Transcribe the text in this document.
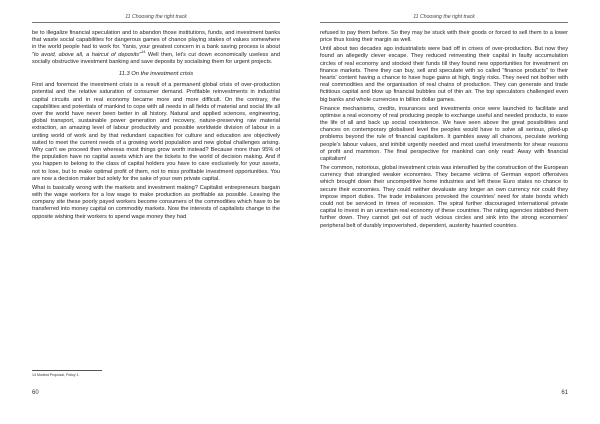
11 Choosing the right track

be to illegalize financial speculation and to abandon those institutions, funds, and investment banks that waste social capabilities for dangerous games of chance playing stakes of values somewhere in the world people had to work for. Yanis, your greatest concern in a bank saving process is about "to avoid, above all, a haircut of deposits"$^{14}$ Well then, let's cut down economically useless and socially obstructive investment banking and save deposits by socialising them for urgent projects.

11.3 On the investment crisis

First and foremost the investment crisis is a result of a permanent global crisis of over-production potential and the relative saturation of consumer demand. Profitable reinvestments in industrial capital circuits and in real economy became more and more difficult. On the contrary, the capabilities and potentials of mankind to cope with all needs in all fields of material and social life all over the world have never been better in all history. Natural and applied sciences, engineering, global transport, sustainable power generation and recovery, nature-preserving raw material extraction, an amazing level of labour productivity and possible worldwide division of labour in a uniting world of work and by that redundant capacities for culture and education are objectively suited to meet the current needs of a growing world population and new global challenges arising. Why can't we proceed then whereas most things grow worth instead? Because more than 95% of the population have no capital assets which are the tickets to the world of decision making. And if you happen to belong to the class of capital holders you have to care exclusively for your assets, not to lose, but to make optimal profit of them, not to miss profitable investment opportunities. You are now a decision maker but solely for the sake of your own private capital.

What is basically wrong with the markets and investment making? Capitalist entrepreneurs bargain with the wage workers for a low wage to make production as profitable as possible. Leaving the company site these poorly payed workers become consumers of the commodities which have to be transferred into money capital on commodity markets. Now the interests of capitalists change to the opposite wishing their workers to spend wage money they had

14 Modest Proposal, Policy 1.
60
11 Choosing the right track

refused to pay them before. So they may be stuck with their goods or forced to sell them to a lower price thus losing their margin as well.

Until about two decades ago industrialists were bad off in crises of over-production. But now they found an allegedly clever escape. They reduced reinvesting their capital in faulty accumulation circles of real economy and stocked their funds till they found new opportunities for investment on finance markets. There they can buy, sell and speculate with so called "finance products" to their hearts' content having a chance to have huge gains at high, tingly risks. They need not bother with real commodities and the organisation of real chains of production. They can generate and trade fictitious capital and blow up financial bubbles out of thin air. The top speculators challenged even big banks and whole currencies in billion dollar games.

Finance mechanisms, credits, insurances and investments once were launched to facilitate and optimise a real economy of real producing people to exchange useful and needed products, to ease the life of all and back up social coexistence. We have seen above the great possibilities and chances on contemporary globalised level the peoples would have to solve all serious, piled-up problems beyond the rule of financial capitalism. It gambles away all chances, peculate working people's labour values, and inhibit urgently needed and most useful investments for shear reasons of profit and mammon. The final perspective for mankind can only read: Away with financial capitalism!

The common, notorious, global investment crisis was intensified by the construction of the European currency that strangled weaker economies. They became victims of German export offensives which brought down their uncompetitive home industries and left these Euro states no chance to secure their economies. They could neither devaluate any longer an own currency nor could they impose import duties. The trade imbalances provoked the countries' need for state bonds which could not be serviced in times of recession. The spiral further discouraged international private capital to invest in an uncertain real economy of these countries. The rating agencies stabbed them further down. They cannot get out of such vicious circles and sink into the strong economies' peripheral belt of durably impoverished, dependent, austerity haunted countries.

61
